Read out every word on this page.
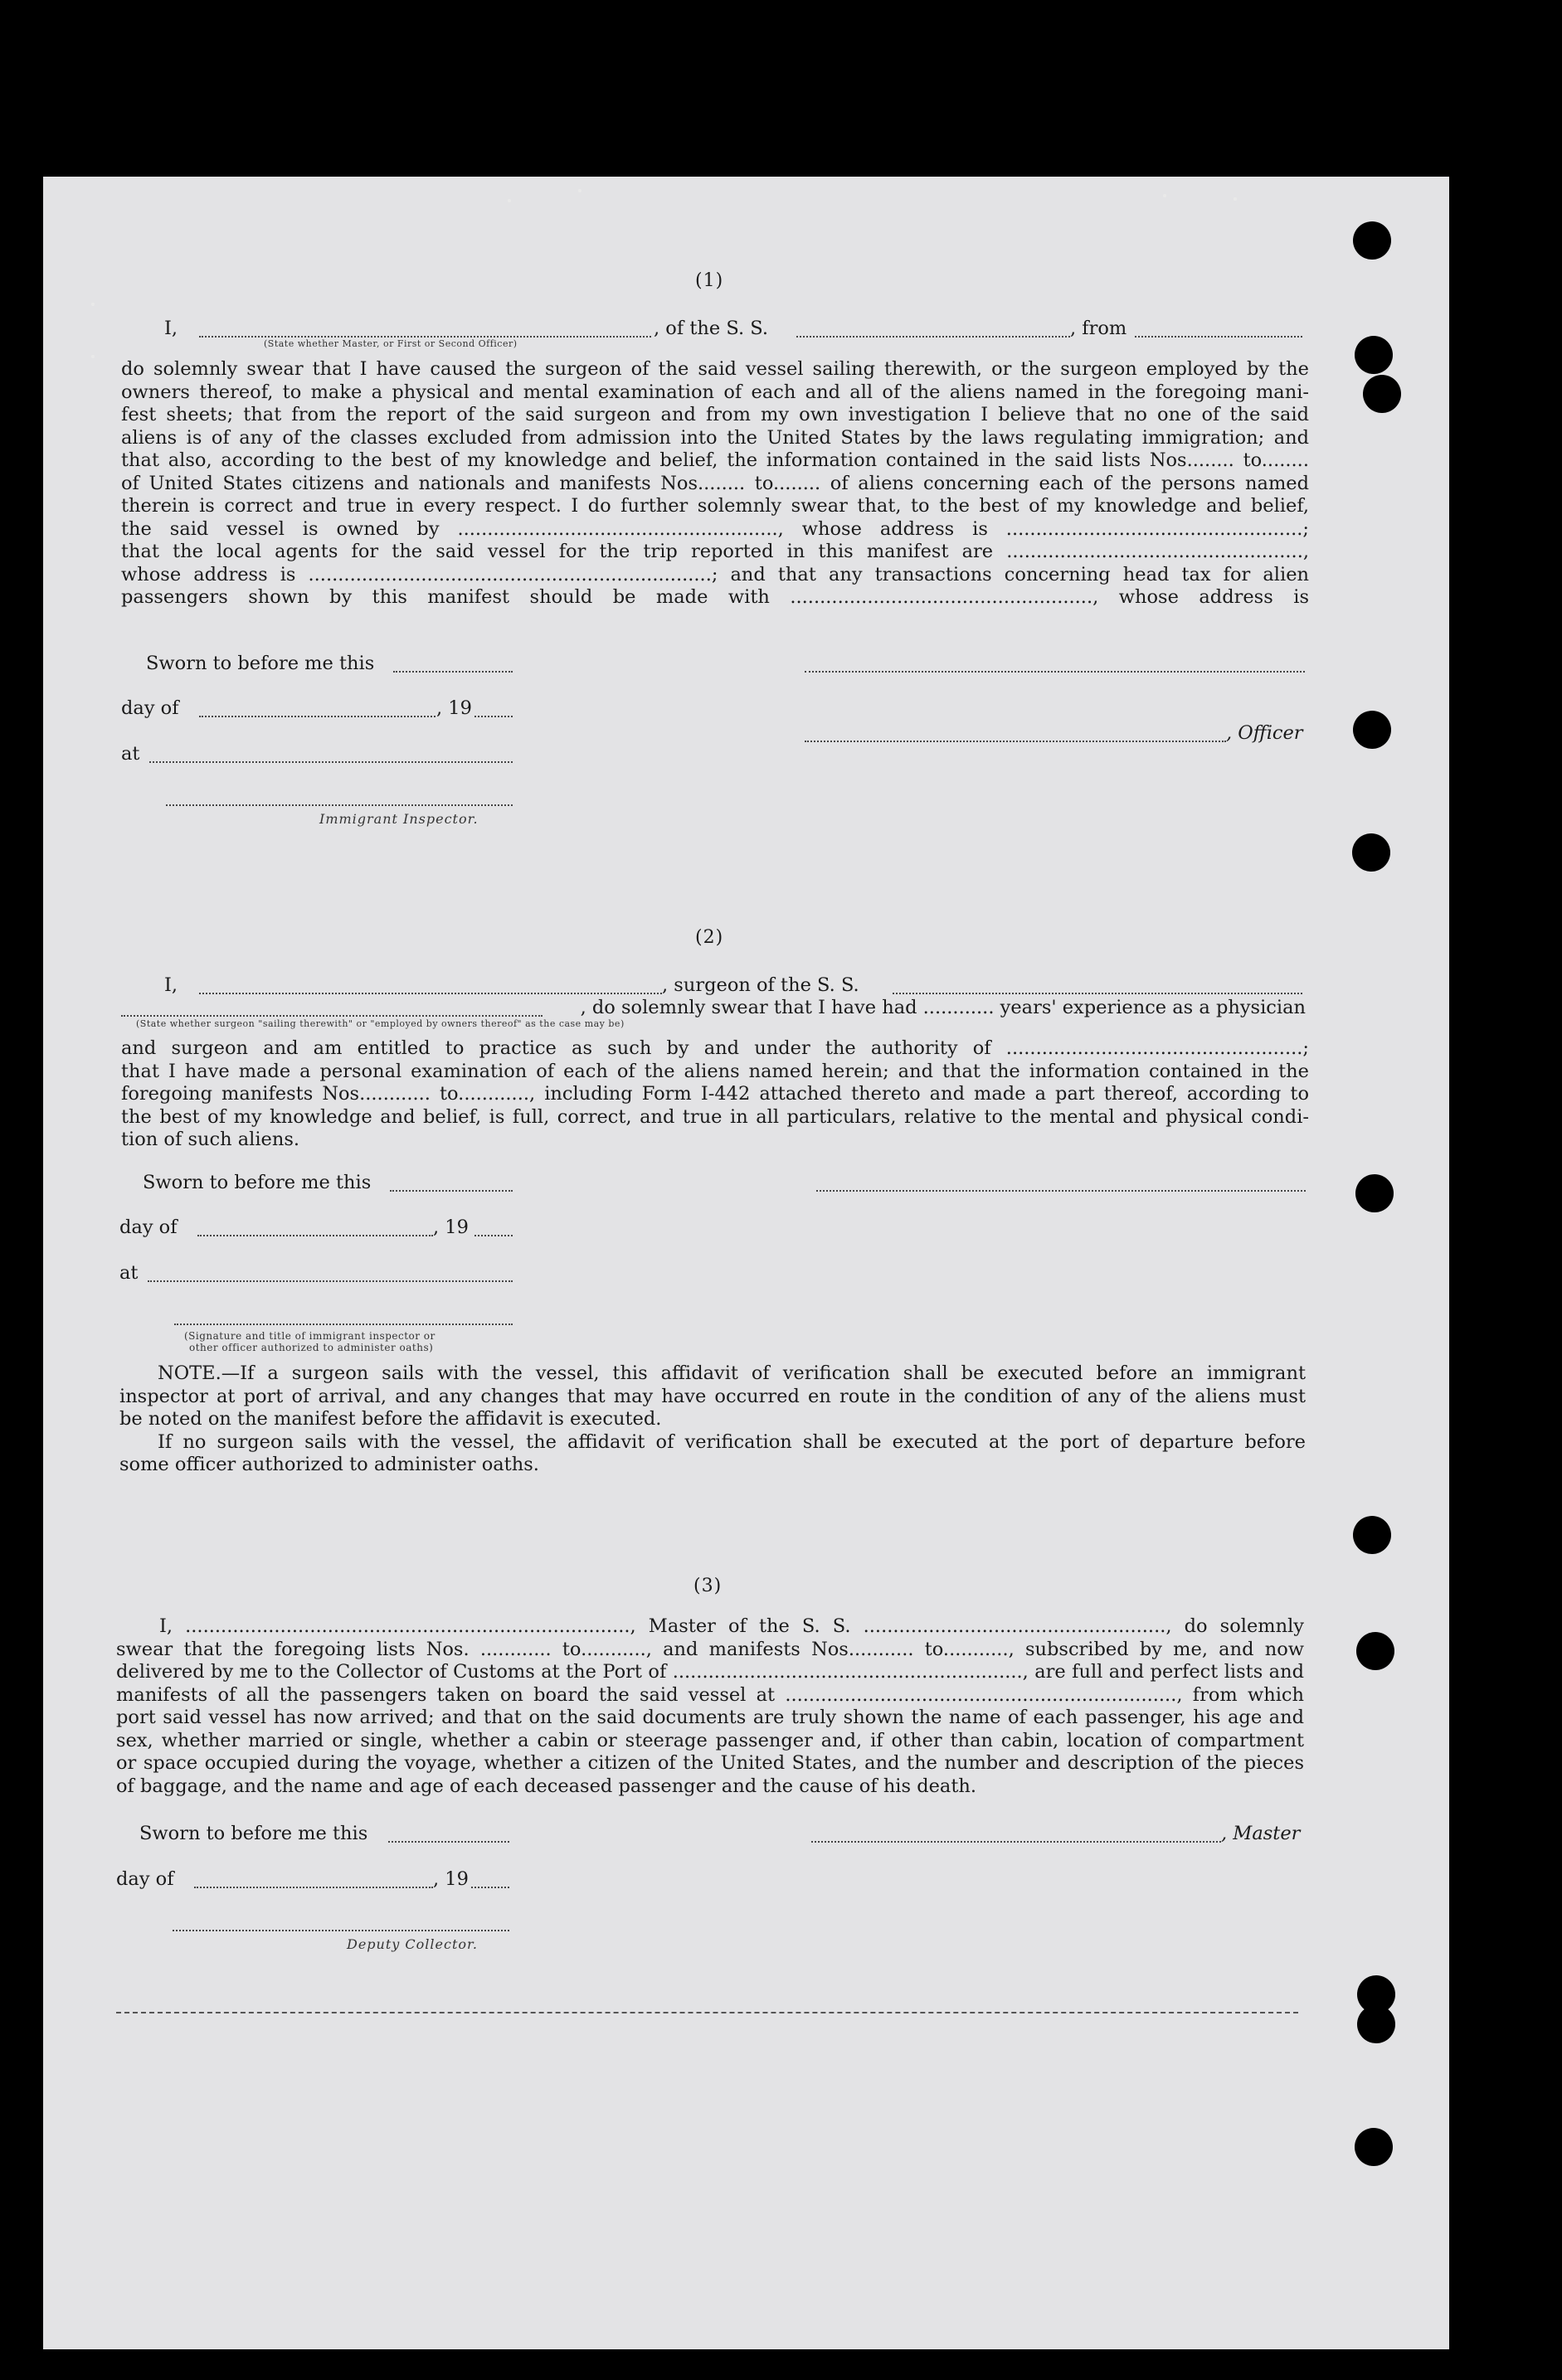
(1)
I,	, of the S. S.	, from
(State whether Master, or First or Second Officer)
do solemnly swear that I have caused the surgeon of the said vessel sailing therewith, or the surgeon employed by the
owners thereof, to make a physical and mental examination of each and all of the aliens named in the foregoing mani-
fest sheets; that from the report of the said surgeon and from my own investigation I believe that no one of the said
aliens is of any of the classes excluded from admission into the United States by the laws regulating immigration; and
that also, according to the best of my knowledge and belief, the information contained in the said lists Nos........ to........
of United States citizens and nationals and manifests Nos........ to........ of aliens concerning each of the persons named
therein is correct and true in every respect. I do further solemnly swear that, to the best of my knowledge and belief,
the said vessel is owned by ......................................................, whose address is ..................................................;
that the local agents for the said vessel for the trip reported in this manifest are ..................................................,
whose address is ....................................................................; and that any transactions concerning head tax for alien
passengers shown by this manifest should be made with ..................................................., whose address is
Sworn to before me this
day of	, 19
, Officer
at
Immigrant Inspector.
(2)
I,	, surgeon of the S. S.
, do solemnly swear that I have had ............ years' experience as a physician
(State whether surgeon "sailing therewith" or "employed by owners thereof" as the case may be)
and surgeon and am entitled to practice as such by and under the authority of ..................................................;
that I have made a personal examination of each of the aliens named herein; and that the information contained in the
foregoing manifests Nos............ to............, including Form I-442 attached thereto and made a part thereof, according to
the best of my knowledge and belief, is full, correct, and true in all particulars, relative to the mental and physical condi-
tion of such aliens.
Sworn to before me this
day of	, 19
at
(Signature and title of immigrant inspector or
other officer authorized to administer oaths)
NOTE.—If a surgeon sails with the vessel, this affidavit of verification shall be executed before an immigrant
inspector at port of arrival, and any changes that may have occurred en route in the condition of any of the aliens must
be noted on the manifest before the affidavit is executed.
If no surgeon sails with the vessel, the affidavit of verification shall be executed at the port of departure before
some officer authorized to administer oaths.
(3)
I, ..........................................................................., Master of the S. S. ..................................................., do solemnly
swear that the foregoing lists Nos. ............ to..........., and manifests Nos........... to..........., subscribed by me, and now
delivered by me to the Collector of Customs at the Port of ..........................................................., are full and perfect lists and
manifests of all the passengers taken on board the said vessel at .................................................................., from which
port said vessel has now arrived; and that on the said documents are truly shown the name of each passenger, his age and
sex, whether married or single, whether a cabin or steerage passenger and, if other than cabin, location of compartment
or space occupied during the voyage, whether a citizen of the United States, and the number and description of the pieces
of baggage, and the name and age of each deceased passenger and the cause of his death.
Sworn to before me this	, Master
day of	, 19
Deputy Collector.
